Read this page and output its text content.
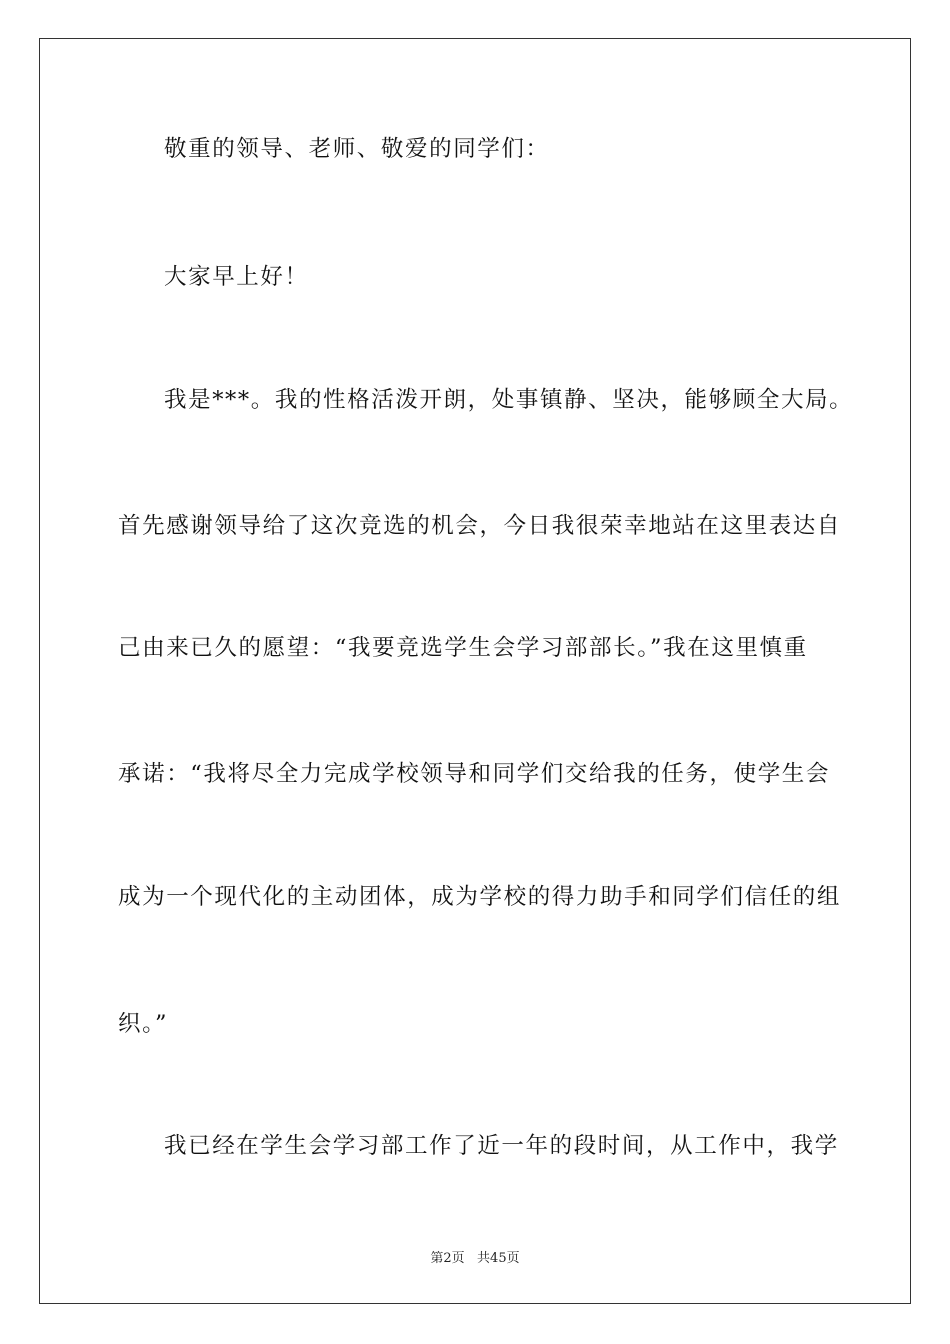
敬重的领导、老师、敬爱的同学们：
大家早上好！
我是***。我的性格活泼开朗，处事镇静、坚决，能够顾全大局。
首先感谢领导给了这次竞选的机会，今日我很荣幸地站在这里表达自
己由来已久的愿望：“我要竞选学生会学习部部长。”我在这里慎重
承诺：“我将尽全力完成学校领导和同学们交给我的任务，使学生会
成为一个现代化的主动团体，成为学校的得力助手和同学们信任的组
织。”
我已经在学生会学习部工作了近一年的段时间，从工作中，我学
第2页   共45页
